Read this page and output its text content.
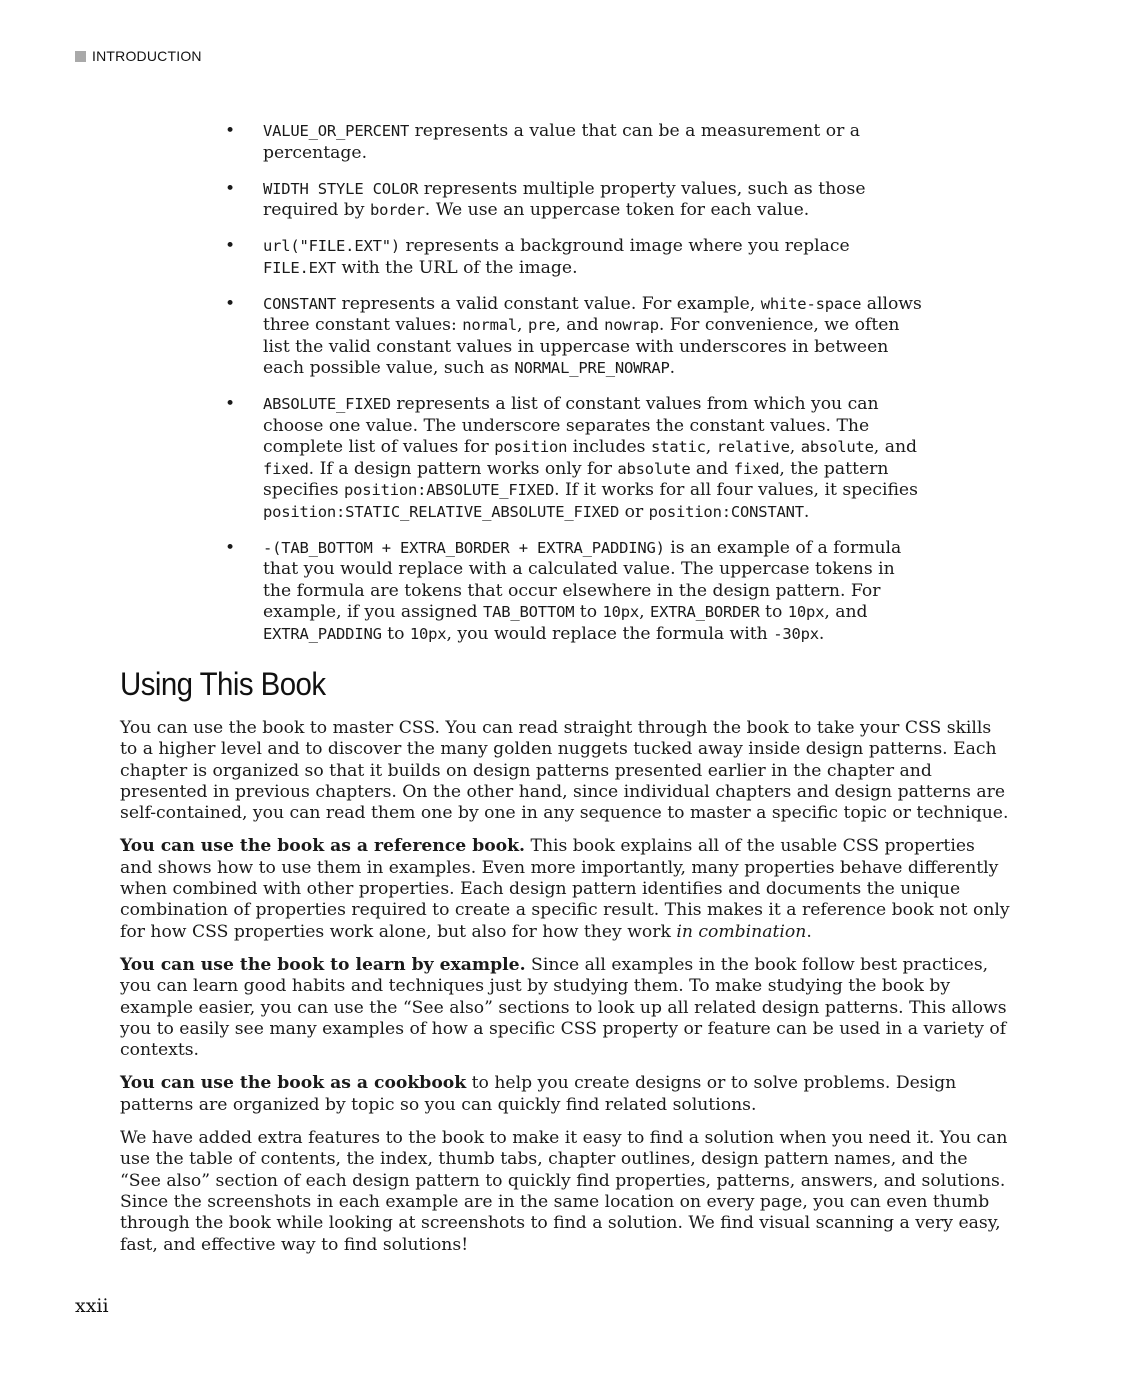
INTRODUCTION
• VALUE_OR_PERCENT represents a value that can be a measurement or a percentage.
• WIDTH STYLE COLOR represents multiple property values, such as those required by border. We use an uppercase token for each value.
• url("FILE.EXT") represents a background image where you replace FILE.EXT with the URL of the image.
• CONSTANT represents a valid constant value. For example, white-space allows three constant values: normal, pre, and nowrap. For convenience, we often list the valid constant values in uppercase with underscores in between each possible value, such as NORMAL_PRE_NOWRAP.
• ABSOLUTE_FIXED represents a list of constant values from which you can choose one value. The underscore separates the constant values. The complete list of values for position includes static, relative, absolute, and fixed. If a design pattern works only for absolute and fixed, the pattern specifies position:ABSOLUTE_FIXED. If it works for all four values, it specifies position:STATIC_RELATIVE_ABSOLUTE_FIXED or position:CONSTANT.
• -(TAB_BOTTOM + EXTRA_BORDER + EXTRA_PADDING) is an example of a formula that you would replace with a calculated value. The uppercase tokens in the formula are tokens that occur elsewhere in the design pattern. For example, if you assigned TAB_BOTTOM to 10px, EXTRA_BORDER to 10px, and EXTRA_PADDING to 10px, you would replace the formula with -30px.
Using This Book

You can use the book to master CSS. You can read straight through the book to take your CSS skills to a higher level and to discover the many golden nuggets tucked away inside design patterns. Each chapter is organized so that it builds on design patterns presented earlier in the chapter and presented in previous chapters. On the other hand, since individual chapters and design patterns are self-contained, you can read them one by one in any sequence to master a specific topic or technique.

You can use the book as a reference book. This book explains all of the usable CSS properties and shows how to use them in examples. Even more importantly, many properties behave differently when combined with other properties. Each design pattern identifies and documents the unique combination of properties required to create a specific result. This makes it a reference book not only for how CSS properties work alone, but also for how they work in combination.

You can use the book to learn by example. Since all examples in the book follow best practices, you can learn good habits and techniques just by studying them. To make studying the book by example easier, you can use the “See also” sections to look up all related design patterns. This allows you to easily see many examples of how a specific CSS property or feature can be used in a variety of contexts.

You can use the book as a cookbook to help you create designs or to solve problems. Design patterns are organized by topic so you can quickly find related solutions.

We have added extra features to the book to make it easy to find a solution when you need it. You can use the table of contents, the index, thumb tabs, chapter outlines, design pattern names, and the “See also” section of each design pattern to quickly find properties, patterns, answers, and solutions. Since the screenshots in each example are in the same location on every page, you can even thumb through the book while looking at screenshots to find a solution. We find visual scanning a very easy, fast, and effective way to find solutions!

xxii
